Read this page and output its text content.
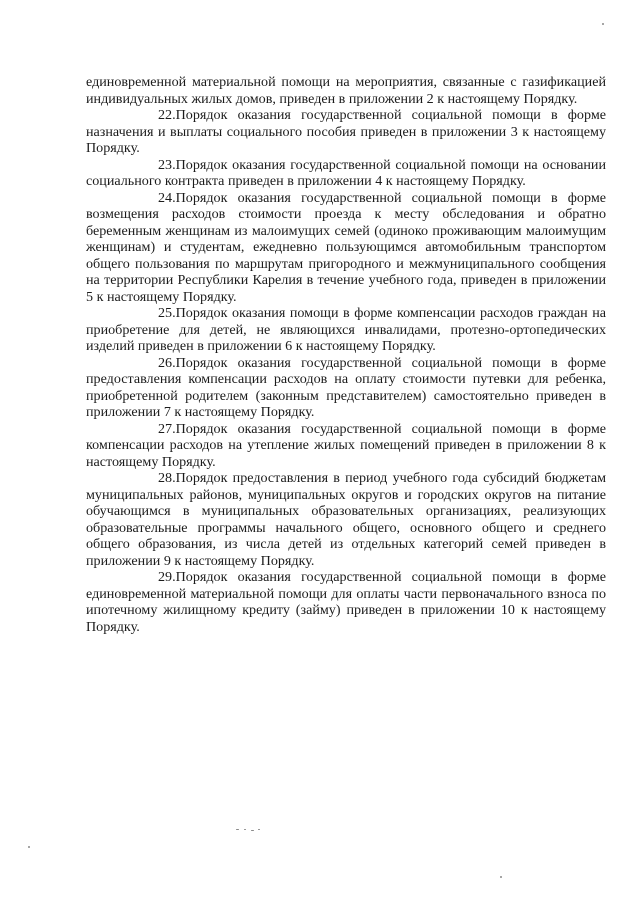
единовременной материальной помощи на мероприятия, связанные с газификацией индивидуальных жилых домов, приведен в приложении 2 к настоящему Порядку.

22.Порядок оказания государственной социальной помощи в форме назначения и выплаты социального пособия приведен в приложении 3 к настоящему Порядку.

23.Порядок оказания государственной социальной помощи на основании социального контракта приведен в приложении 4 к настоящему Порядку.

24.Порядок оказания государственной социальной помощи в форме возмещения расходов стоимости проезда к месту обследования и обратно беременным женщинам из малоимущих семей (одиноко проживающим малоимущим женщинам) и студентам, ежедневно пользующимся автомобильным транспортом общего пользования по маршрутам пригородного и межмуниципального сообщения на территории Республики Карелия в течение учебного года, приведен в приложении 5 к настоящему Порядку.

25.Порядок оказания помощи в форме компенсации расходов граждан на приобретение для детей, не являющихся инвалидами, протезно-ортопедических изделий приведен в приложении 6 к настоящему Порядку.

26.Порядок оказания государственной социальной помощи в форме предоставления компенсации расходов на оплату стоимости путевки для ребенка, приобретенной родителем (законным представителем) самостоятельно приведен в приложении 7 к настоящему Порядку.

27.Порядок оказания государственной социальной помощи в форме компенсации расходов на утепление жилых помещений приведен в приложении 8 к настоящему Порядку.

28.Порядок предоставления в период учебного года субсидий бюджетам муниципальных районов, муниципальных округов и городских округов на питание обучающимся в муниципальных образовательных организациях, реализующих образовательные программы начального общего, основного общего и среднего общего образования, из числа детей из отдельных категорий семей приведен в приложении 9 к настоящему Порядку.

29.Порядок оказания государственной социальной помощи в форме единовременной материальной помощи для оплаты части первоначального взноса по ипотечному жилищному кредиту (займу) приведен в приложении 10 к настоящему Порядку.
